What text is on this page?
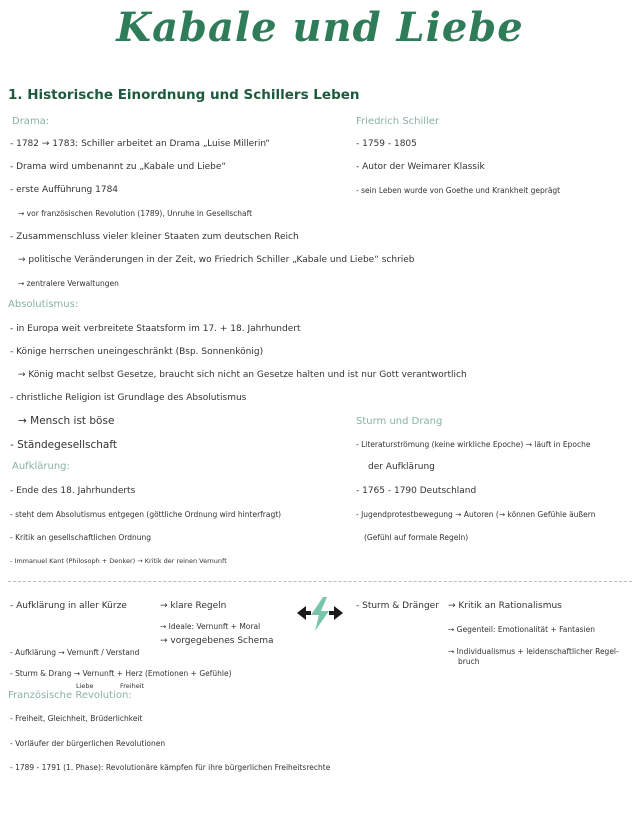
Kabale und Liebe
1. Historische Einordnung und Schillers Leben
Drama:
- 1782 → 1783: Schiller arbeitet an Drama „Luise Millerin“
- Drama wird umbenannt zu „Kabale und Liebe“
- erste Aufführung 1784
→ vor französischen Revolution (1789), Unruhe in Gesellschaft
- Zusammenschluss vieler kleiner Staaten zum deutschen Reich
→ politische Veränderungen in der Zeit, wo Friedrich Schiller „Kabale und Liebe“ schrieb
→ zentralere Verwaltungen
Friedrich Schiller
- 1759 - 1805
- Autor der Weimarer Klassik
- sein Leben wurde von Goethe und Krankheit geprägt
Absolutismus:
- in Europa weit verbreitete Staatsform im 17. + 18. Jahrhundert
- Könige herrschen uneingeschränkt (Bsp. Sonnenkönig)
→ König macht selbst Gesetze, braucht sich nicht an Gesetze halten und ist nur Gott verantwortlich
- christliche Religion ist Grundlage des Absolutismus
→ Mensch ist böse
- Ständegesellschaft
Sturm und Drang
- Literaturströmung (keine wirkliche Epoche) → läuft in Epoche
der Aufklärung
- 1765 - 1790 Deutschland
- Jugendprotestbewegung → Autoren (→ können Gefühle äußern
(Gefühl auf formale Regeln)
Aufklärung:
- Ende des 18. Jahrhunderts
- steht dem Absolutismus entgegen (göttliche Ordnung wird hinterfragt)
- Kritik an gesellschaftlichen Ordnung
- Immanuel Kant (Philosoph + Denker) → Kritik der reinen Vernunft
- Aufklärung in aller Kürze	→ klare Regeln
→ Ideale: Vernunft + Moral
→ vorgegebenes Schema
- Aufklärung → Vernunft / Verstand
- Sturm & Drang → Vernunft + Herz (Emotionen + Gefühle)
Liebe	Freiheit
- Sturm & Dränger → Kritik an Rationalismus
→ Gegenteil: Emotionalität + Fantasien
→ Individualismus + leidenschaftlicher Regel-
bruch
Französische Revolution:
- Freiheit, Gleichheit, Brüderlichkeit
- Vorläufer der bürgerlichen Revolutionen
- 1789 - 1791 (1. Phase): Revolutionäre kämpfen für ihre bürgerlichen Freiheitsrechte
